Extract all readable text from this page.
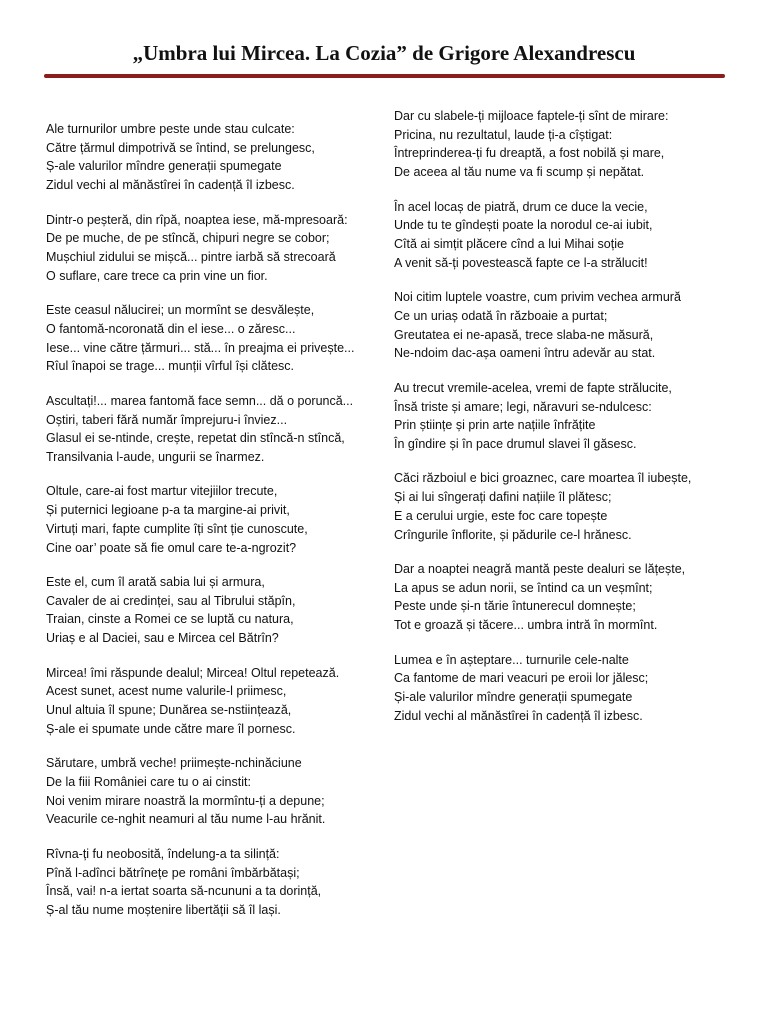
„Umbra lui Mircea. La Cozia” de Grigore Alexandrescu
Ale turnurilor umbre peste unde stau culcate:
Către țărmul dimpotrivă se întind, se prelungesc,
Ș-ale valurilor mîndre generații spumegate
Zidul vechi al mănăstîrei în cadență îl izbesc.
Dintr-o peșteră, din rîpă, noaptea iese, mă-mpresoară:
De pe muche, de pe stîncă, chipuri negre se cobor;
Mușchiul zidului se mișcă... pintre iarbă să strecoară
O suflare, care trece ca prin vine un fior.
Este ceasul nălucirei; un mormînt se desvălește,
O fantomă-ncoronată din el iese... o zăresc...
Iese... vine către țărmuri... stă... în preajma ei privește...
Rîul înapoi se trage... munții vîrful își clătesc.
Ascultați!... marea fantomă face semn... dă o poruncă...
Oștiri, taberi fără număr împrejuru-i înviez...
Glasul ei se-ntinde, crește, repetat din stîncă-n stîncă,
Transilvania l-aude, ungurii se înarmez.
Oltule, care-ai fost martur vitejiilor trecute,
Și puternici legioane p-a ta margine-ai privit,
Virtuți mari, fapte cumplite îți sînt ție cunoscute,
Cine oar’ poate să fie omul care te-a-ngrozit?
Este el, cum îl arată sabia lui și armura,
Cavaler de ai credinței, sau al Tibrului stăpîn,
Traian, cinste a Romei ce se luptă cu natura,
Uriaș e al Daciei, sau e Mircea cel Bătrîn?
Mircea! îmi răspunde dealul; Mircea! Oltul repetează.
Acest sunet, acest nume valurile-l priimesc,
Unul altuia îl spune; Dunărea se-nstiințează,
Ș-ale ei spumate unde către mare îl pornesc.
Sărutare, umbră veche! priimește-nchinăciune
De la fiii României care tu o ai cinstit:
Noi venim mirare noastră la mormîntu-ți a depune;
Veacurile ce-nghit neamuri al tău nume l-au hrănit.
Rîvna-ți fu neobosită, îndelung-a ta silință:
Pînă l-adînci bătrînețe pe români îmbărbătași;
Însă, vai! n-a iertat soarta să-ncununi a ta dorință,
Ș-al tău nume moștenire libertății să îl lași.
Dar cu slabele-ți mijloace faptele-ți sînt de mirare:
Pricina, nu rezultatul, laude ți-a cîștigat:
Întreprinderea-ți fu dreaptă, a fost nobilă și mare,
De aceea al tău nume va fi scump și nepătat.
În acel locaș de piatră, drum ce duce la vecie,
Unde tu te gîndești poate la norodul ce-ai iubit,
Cîtă ai simțit plăcere cînd a lui Mihai soție
A venit să-ți povestească fapte ce l-a strălucit!
Noi citim luptele voastre, cum privim vechea armură
Ce un uriaș odată în războaie a purtat;
Greutatea ei ne-apasă, trece slaba-ne măsură,
Ne-ndoim dac-așa oameni întru adevăr au stat.
Au trecut vremile-acelea, vremi de fapte strălucite,
Însă triste și amare; legi, năravuri se-ndulcesc:
Prin științe și prin arte națiile înfrățite
În gîndire și în pace drumul slavei îl găsesc.
Căci războiul e bici groaznec, care moartea îl iubește,
Și ai lui sîngerați dafini națiile îl plătesc;
E a cerului urgie, este foc care topește
Crîngurile înflorite, și pădurile ce-l hrănesc.
Dar a noaptei neagră mantă peste dealuri se lățește,
La apus se adun norii, se întind ca un veșmînt;
Peste unde și-n tărie întunerecul domnește;
Tot e groază și tăcere... umbra intră în mormînt.
Lumea e în așteptare... turnurile cele-nalte
Ca fantome de mari veacuri pe eroii lor jălesc;
Și-ale valurilor mîndre generații spumegate
Zidul vechi al mănăstîrei în cadență îl izbesc.
